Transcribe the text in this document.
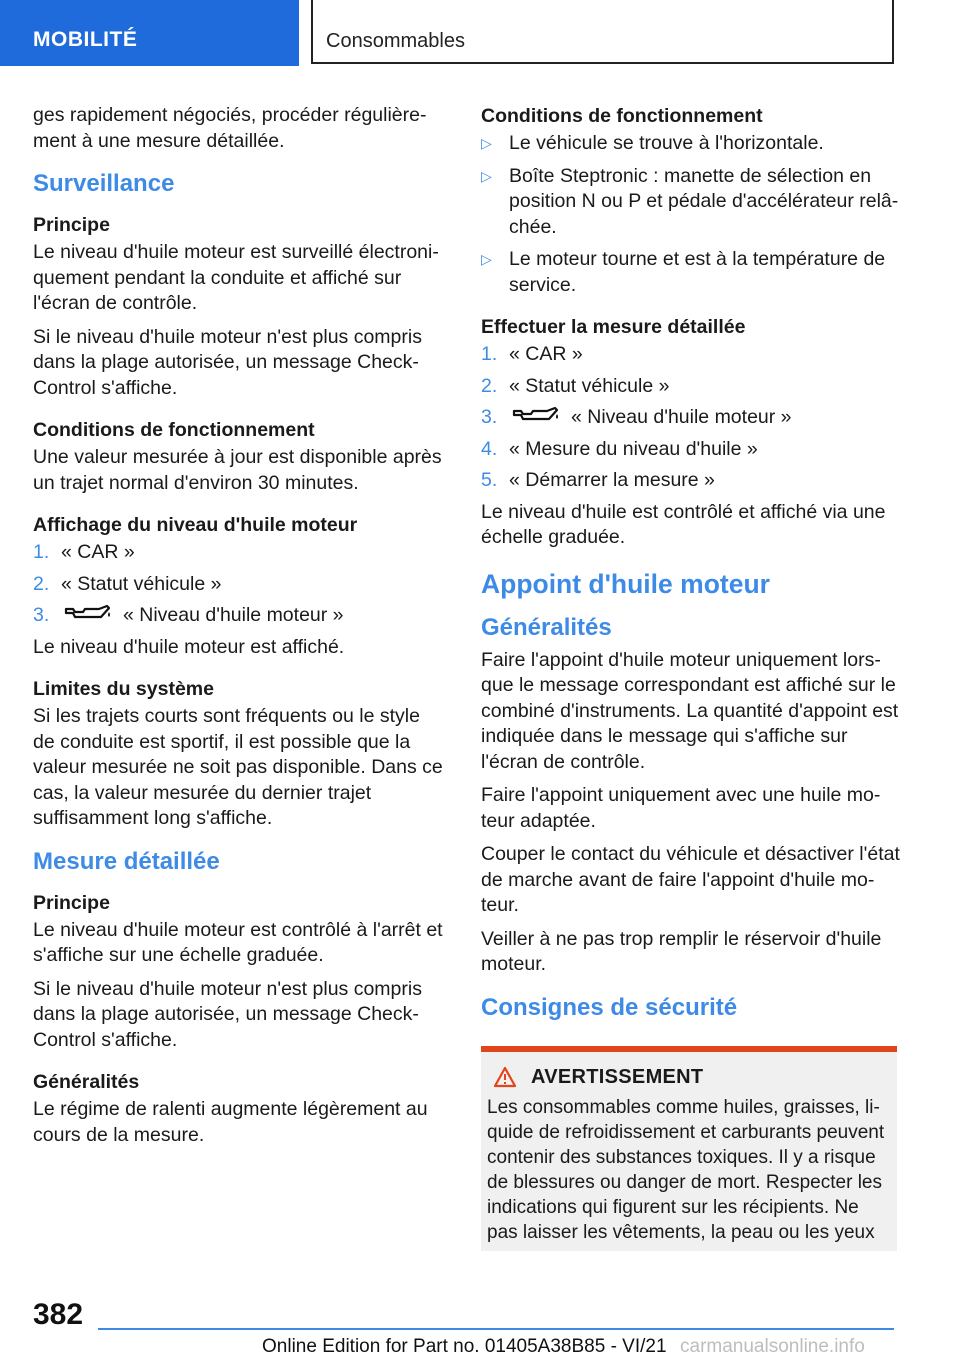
MOBILITÉ	Consommables

ges rapidement négociés, procéder régulière-ment à une mesure détaillée.

Surveillance
Principe

Le niveau d'huile moteur est surveillé électroni-quement pendant la conduite et affiché sur l'écran de contrôle.

Si le niveau d'huile moteur n'est plus compris dans la plage autorisée, un message Check-Control s'affiche.

Conditions de fonctionnement

Une valeur mesurée à jour est disponible après un trajet normal d'environ 30 minutes.

Affichage du niveau d'huile moteur
1. « CAR »
2. « Statut véhicule »
3.	« Niveau d'huile moteur »

Le niveau d'huile moteur est affiché.

Limites du système

Si les trajets courts sont fréquents ou le style de conduite est sportif, il est possible que la valeur mesurée ne soit pas disponible. Dans ce cas, la valeur mesurée du dernier trajet suffisamment long s'affiche.

Mesure détaillée
Principe

Le niveau d'huile moteur est contrôlé à l'arrêt et s'affiche sur une échelle graduée.

Si le niveau d'huile moteur n'est plus compris dans la plage autorisée, un message Check-Control s'affiche.

Généralités

Le régime de ralenti augmente légèrement au cours de la mesure.

Conditions de fonctionnement
▷ Le véhicule se trouve à l'horizontale.
▷ Boîte Steptronic : manette de sélection en position N ou P et pédale d'accélérateur relâ-chée.
▷ Le moteur tourne et est à la température de service.
Effectuer la mesure détaillée
1. « CAR »
2. « Statut véhicule »
3.	« Niveau d'huile moteur »
4. « Mesure du niveau d'huile »
5. « Démarrer la mesure »

Le niveau d'huile est contrôlé et affiché via une échelle graduée.

Appoint d'huile moteur
Généralités

Faire l'appoint d'huile moteur uniquement lors-que le message correspondant est affiché sur le combiné d'instruments. La quantité d'appoint est indiquée dans le message qui s'affiche sur l'écran de contrôle.

Faire l'appoint uniquement avec une huile mo-teur adaptée.

Couper le contact du véhicule et désactiver l'état de marche avant de faire l'appoint d'huile mo-teur.

Veiller à ne pas trop remplir le réservoir d'huile moteur.

Consignes de sécurité
AVERTISSEMENT

Les consommables comme huiles, graisses, li-quide de refroidissement et carburants peuvent contenir des substances toxiques. Il y a risque de blessures ou danger de mort. Respecter les indications qui figurent sur les récipients. Ne pas laisser les vêtements, la peau ou les yeux

382
Online Edition for Part no. 01405A38B85 - VI/21 carmanualsonline.info
